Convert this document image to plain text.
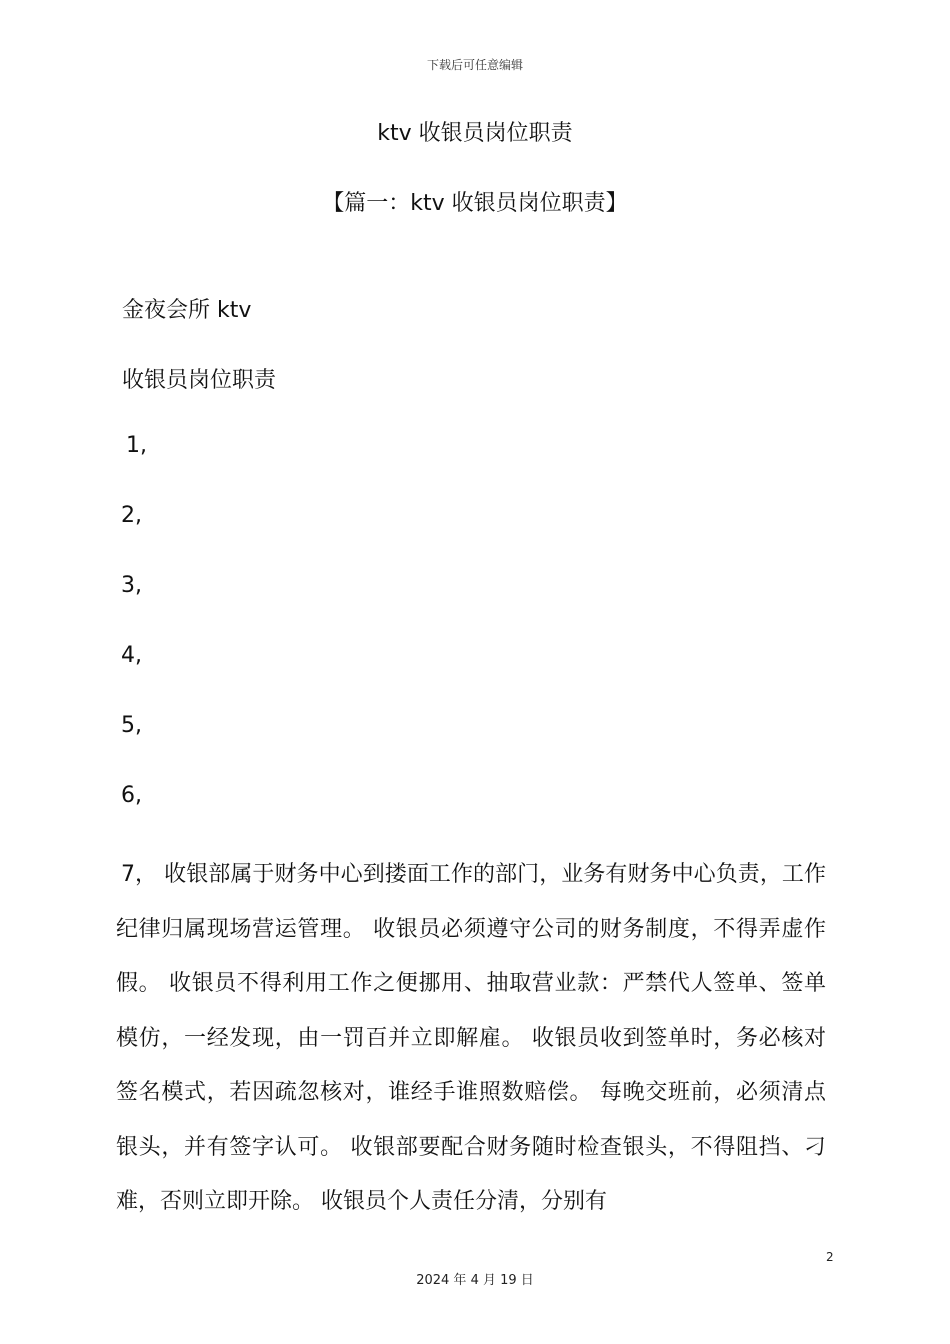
下载后可任意编辑
ktv 收银员岗位职责
【篇一：ktv 收银员岗位职责】
金夜会所 ktv
收银员岗位职责
1,
2,
3,
4,
5,
6,
7， 收银部属于财务中心到搂面工作的部门，业务有财务中心负责，工作纪律归属现场营运管理。 收银员必须遵守公司的财务制度，不得弄虚作假。 收银员不得利用工作之便挪用、抽取营业款：严禁代人签单、签单模仿，一经发现，由一罚百并立即解雇。 收银员收到签单时，务必核对签名模式，若因疏忽核对，谁经手谁照数赔偿。 每晚交班前，必须清点银头，并有签字认可。 收银部要配合财务随时检查银头，不得阻挡、刁难，否则立即开除。 收银员个人责任分清，分别有
2
2024 年 4 月 19 日
